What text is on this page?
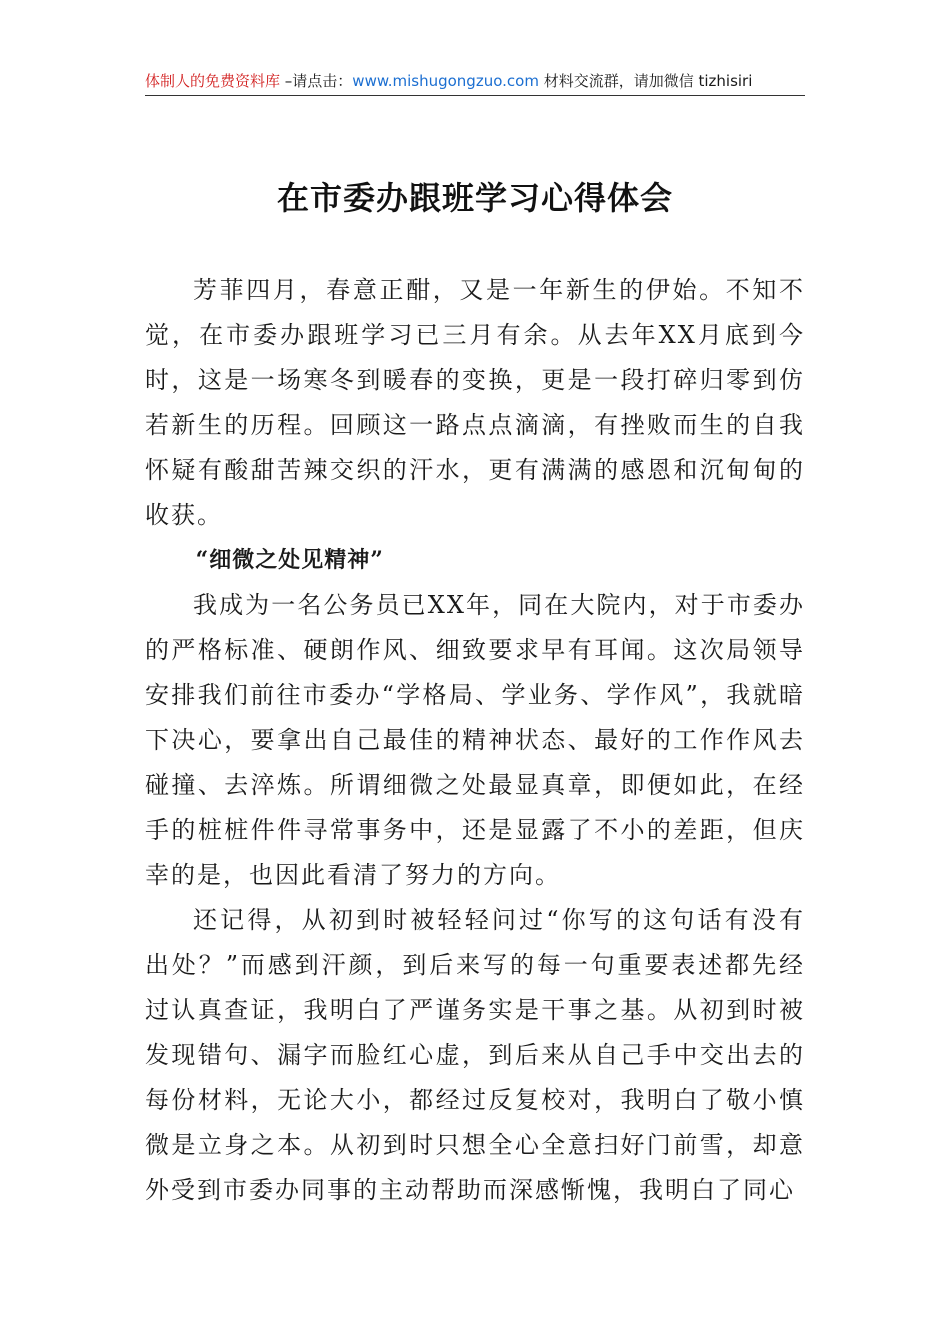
体制人的免费资料库 –请点击：www.mishugongzuo.com 材料交流群，请加微信 tizhisiri
在市委办跟班学习心得体会

芳菲四月，春意正酣，又是一年新生的伊始。不知不觉，在市委办跟班学习已三月有余。从去年XX月底到今时，这是一场寒冬到暖春的变换，更是一段打碎归零到仿若新生的历程。回顾这一路点点滴滴，有挫败而生的自我怀疑有酸甜苦辣交织的汗水，更有满满的感恩和沉甸甸的收获。

“细微之处见精神”

我成为一名公务员已XX年，同在大院内，对于市委办的严格标准、硬朗作风、细致要求早有耳闻。这次局领导安排我们前往市委办“学格局、学业务、学作风”，我就暗下决心，要拿出自己最佳的精神状态、最好的工作作风去碰撞、去淬炼。所谓细微之处最显真章，即便如此，在经手的桩桩件件寻常事务中，还是显露了不小的差距，但庆幸的是，也因此看清了努力的方向。

还记得，从初到时被轻轻问过“你写的这句话有没有出处？”而感到汗颜，到后来写的每一句重要表述都先经过认真查证，我明白了严谨务实是干事之基。从初到时被发现错句、漏字而脸红心虚，到后来从自己手中交出去的每份材料，无论大小，都经过反复校对，我明白了敬小慎微是立身之本。从初到时只想全心全意扫好门前雪，却意外受到市委办同事的主动帮助而深感惭愧，我明白了同心
